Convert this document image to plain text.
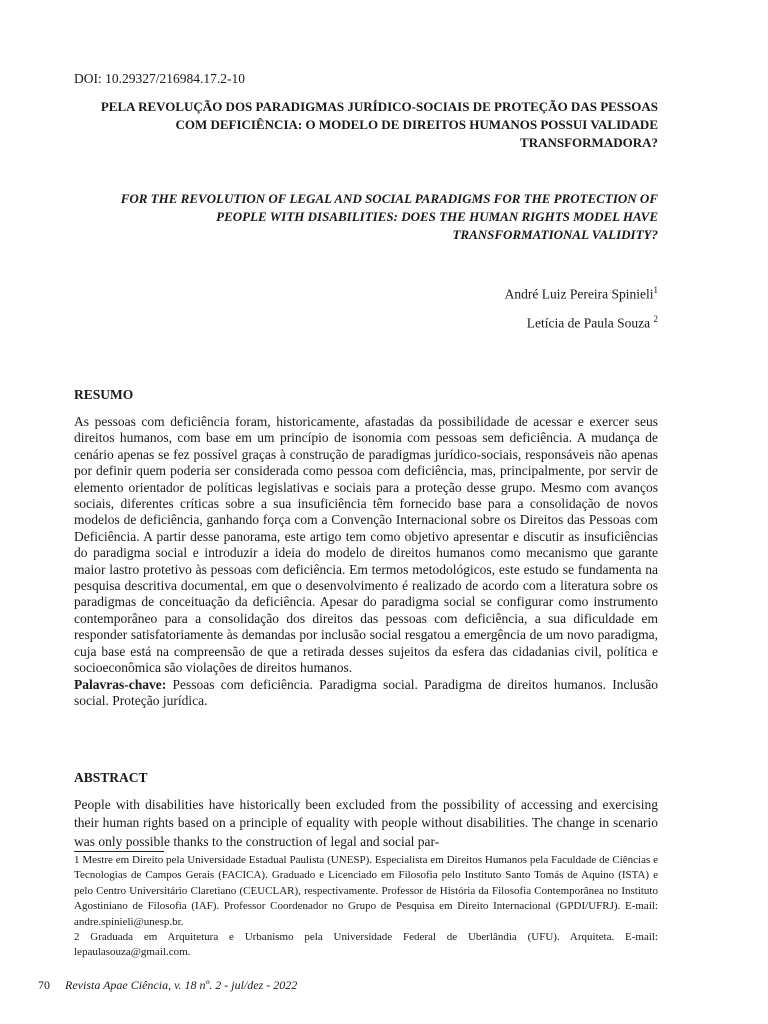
DOI: 10.29327/216984.17.2-10
PELA REVOLUÇÃO DOS PARADIGMAS JURÍDICO-SOCIAIS DE PROTEÇÃO DAS PESSOAS COM DEFICIÊNCIA: O MODELO DE DIREITOS HUMANOS POSSUI VALIDADE TRANSFORMADORA?
FOR THE REVOLUTION OF LEGAL AND SOCIAL PARADIGMS FOR THE PROTECTION OF PEOPLE WITH DISABILITIES: DOES THE HUMAN RIGHTS MODEL HAVE TRANSFORMATIONAL VALIDITY?
André Luiz Pereira Spinieli$^1$
Letícia de Paula Souza $^2$
RESUMO
As pessoas com deficiência foram, historicamente, afastadas da possibilidade de acessar e exercer seus direitos humanos, com base em um princípio de isonomia com pessoas sem deficiência. A mudança de cenário apenas se fez possível graças à construção de paradigmas jurídico-sociais, responsáveis não apenas por definir quem poderia ser considerada como pessoa com deficiência, mas, principalmente, por servir de elemento orientador de políticas legislativas e sociais para a proteção desse grupo. Mesmo com avanços sociais, diferentes críticas sobre a sua insuficiência têm fornecido base para a consolidação de novos modelos de deficiência, ganhando força com a Convenção Internacional sobre os Direitos das Pessoas com Deficiência. A partir desse panorama, este artigo tem como objetivo apresentar e discutir as insuficiências do paradigma social e introduzir a ideia do modelo de direitos humanos como mecanismo que garante maior lastro protetivo às pessoas com deficiência. Em termos metodológicos, este estudo se fundamenta na pesquisa descritiva documental, em que o desenvolvimento é realizado de acordo com a literatura sobre os paradigmas de conceituação da deficiência. Apesar do paradigma social se configurar como instrumento contemporâneo para a consolidação dos direitos das pessoas com deficiência, a sua dificuldade em responder satisfatoriamente às demandas por inclusão social resgatou a emergência de um novo paradigma, cuja base está na compreensão de que a retirada desses sujeitos da esfera das cidadanias civil, política e socioeconômica são violações de direitos humanos.
Palavras-chave: Pessoas com deficiência. Paradigma social. Paradigma de direitos humanos. Inclusão social. Proteção jurídica.
ABSTRACT
People with disabilities have historically been excluded from the possibility of accessing and exercising their human rights based on a principle of equality with people without disabilities. The change in scenario was only possible thanks to the construction of legal and social par-

1 Mestre em Direito pela Universidade Estadual Paulista (UNESP). Especialista em Direitos Humanos pela Faculdade de Ciências e Tecnologias de Campos Gerais (FACICA). Graduado e Licenciado em Filosofia pelo Instituto Santo Tomás de Aquino (ISTA) e pelo Centro Universitário Claretiano (CEUCLAR), respectivamente. Professor de História da Filosofia Contemporânea no Instituto Agostiniano de Filosofia (IAF). Professor Coordenador no Grupo de Pesquisa em Direito Internacional (GPDI/UFRJ). E-mail: andre.spinieli@unesp.br.

2 Graduada em Arquitetura e Urbanismo pela Universidade Federal de Uberlândia (UFU). Arquiteta. E-mail: lepaulasouza@gmail.com.

70 Revista Apae Ciência, v. 18 nº. 2 - jul/dez - 2022
